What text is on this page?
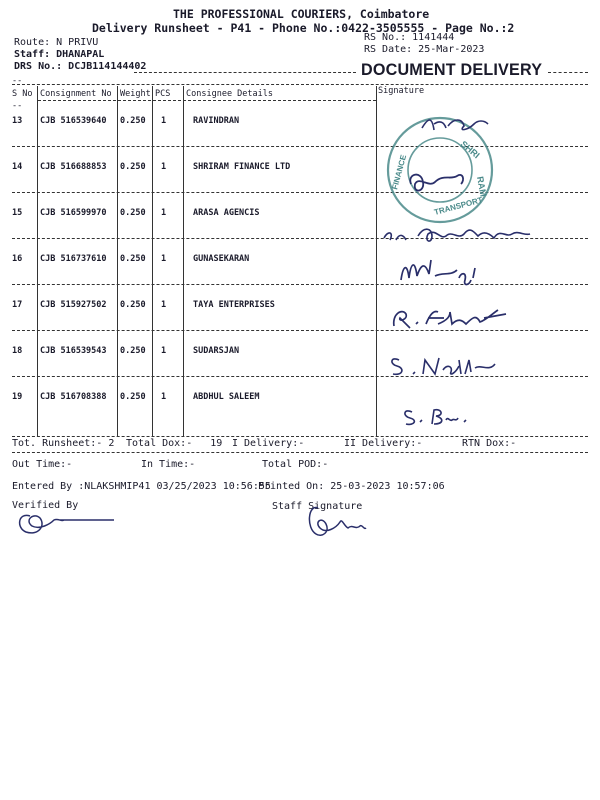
THE PROFESSIONAL COURIERS, Coimbatore
Delivery Runsheet - P41 - Phone No.:0422-3505555 - Page No.:2
Route: N PRIVU
Staff: DHANAPAL
DRS No.: DCJB114144402
RS No.: 1141444
RS Date: 25-Mar-2023
DOCUMENT DELIVERY
--
S No Consignment No Weight PCS Consignee Details	Signature
--
13 CJB 516539640 0.250 1	RAVINDRAN
14 CJB 516688853 0.250 1	SHRIRAM FINANCE LTD
15 CJB 516599970 0.250 1	ARASA AGENCIS
16 CJB 516737610 0.250 1	GUNASEKARAN
17 CJB 515927502 0.250 1	TAYA ENTERPRISES
18 CJB 516539543 0.250 1	SUDARSJAN
19 CJB 516708388 0.250 1	ABDHUL SALEEM
Tot. Runsheet:- 2 Total Dox:-   19 I Delivery:-	II Delivery:-	RTN Dox:-
Out Time:-	In Time:-	Total POD:-
Entered By :NLAKSHMIP41 03/25/2023 10:56:55
Printed On: 25-03-2023 10:57:06
Verified By	Staff Signature
SHRI
RAM
TRANSPORT
FINANCE
